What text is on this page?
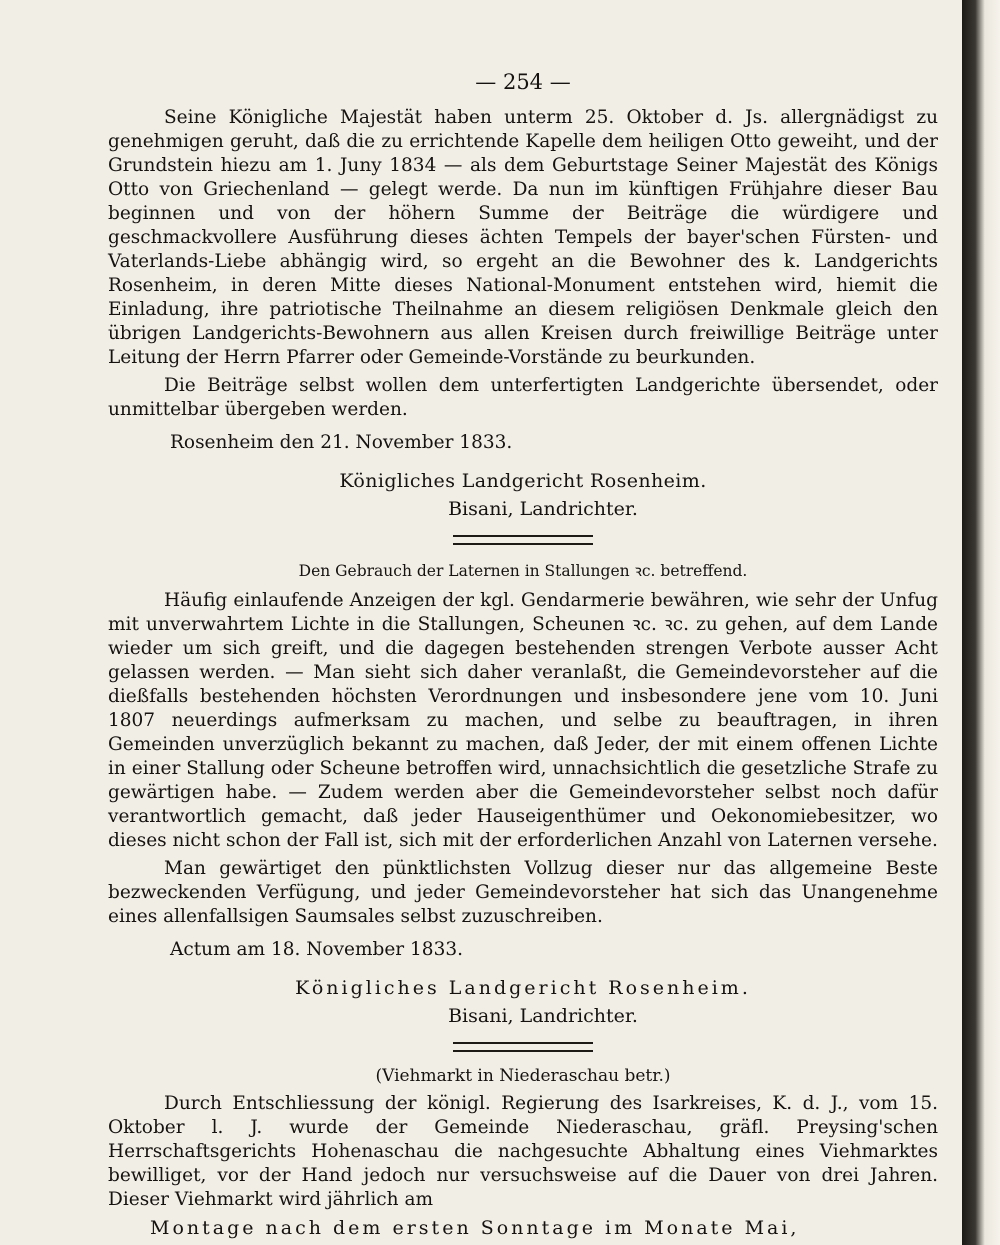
— 254 —

Seine Königliche Majestät haben unterm 25. Oktober d. Js. allergnädigst zu genehmigen geruht, daß die zu errichtende Kapelle dem heiligen Otto geweiht, und der Grundstein hiezu am 1. Juny 1834 — als dem Geburtstage Seiner Majestät des Königs Otto von Griechenland — gelegt werde. Da nun im künftigen Frühjahre dieser Bau beginnen und von der höhern Summe der Beiträge die würdigere und geschmackvollere Ausführung dieses ächten Tempels der bayer'schen Fürsten- und Vaterlands-Liebe abhängig wird, so ergeht an die Bewohner des k. Landgerichts Rosenheim, in deren Mitte dieses National-Monument entstehen wird, hiemit die Einladung, ihre patriotische Theilnahme an diesem religiösen Denkmale gleich den übrigen Landgerichts-Bewohnern aus allen Kreisen durch freiwillige Beiträge unter Leitung der Herrn Pfarrer oder Gemeinde-Vorstände zu beurkunden.

Die Beiträge selbst wollen dem unterfertigten Landgerichte übersendet, oder unmittelbar übergeben werden.

Rosenheim den 21. November 1833.
Königliches Landgericht Rosenheim.
Bisani, Landrichter.
Den Gebrauch der Laternen in Stallungen ꝛc. betreffend.

Häufig einlaufende Anzeigen der kgl. Gendarmerie bewähren, wie sehr der Unfug mit unverwahrtem Lichte in die Stallungen, Scheunen ꝛc. ꝛc. zu gehen, auf dem Lande wieder um sich greift, und die dagegen bestehenden strengen Verbote ausser Acht gelassen werden. — Man sieht sich daher veranlaßt, die Gemeindevorsteher auf die dießfalls bestehenden höchsten Verordnungen und insbesondere jene vom 10. Juni 1807 neuerdings aufmerksam zu machen, und selbe zu beauftragen, in ihren Gemeinden unverzüglich bekannt zu machen, daß Jeder, der mit einem offenen Lichte in einer Stallung oder Scheune betroffen wird, unnachsichtlich die gesetzliche Strafe zu gewärtigen habe. — Zudem werden aber die Gemeindevorsteher selbst noch dafür verantwortlich gemacht, daß jeder Hauseigenthümer und Oekonomiebesitzer, wo dieses nicht schon der Fall ist, sich mit der erforderlichen Anzahl von Laternen versehe.

Man gewärtiget den pünktlichsten Vollzug dieser nur das allgemeine Beste bezweckenden Verfügung, und jeder Gemeindevorsteher hat sich das Unangenehme eines allenfallsigen Saumsales selbst zuzuschreiben.

Actum am 18. November 1833.
Königliches Landgericht Rosenheim.
Bisani, Landrichter.
(Viehmarkt in Niederaschau betr.)

Durch Entschliessung der königl. Regierung des Isarkreises, K. d. J., vom 15. Oktober l. J. wurde der Gemeinde Niederaschau, gräfl. Preysing'schen Herrschaftsgerichts Hohenaschau die nachgesuchte Abhaltung eines Viehmarktes bewilliget, vor der Hand jedoch nur versuchsweise auf die Dauer von drei Jahren. Dieser Viehmarkt wird jährlich am

Montage nach dem ersten Sonntage im Monate Mai,
